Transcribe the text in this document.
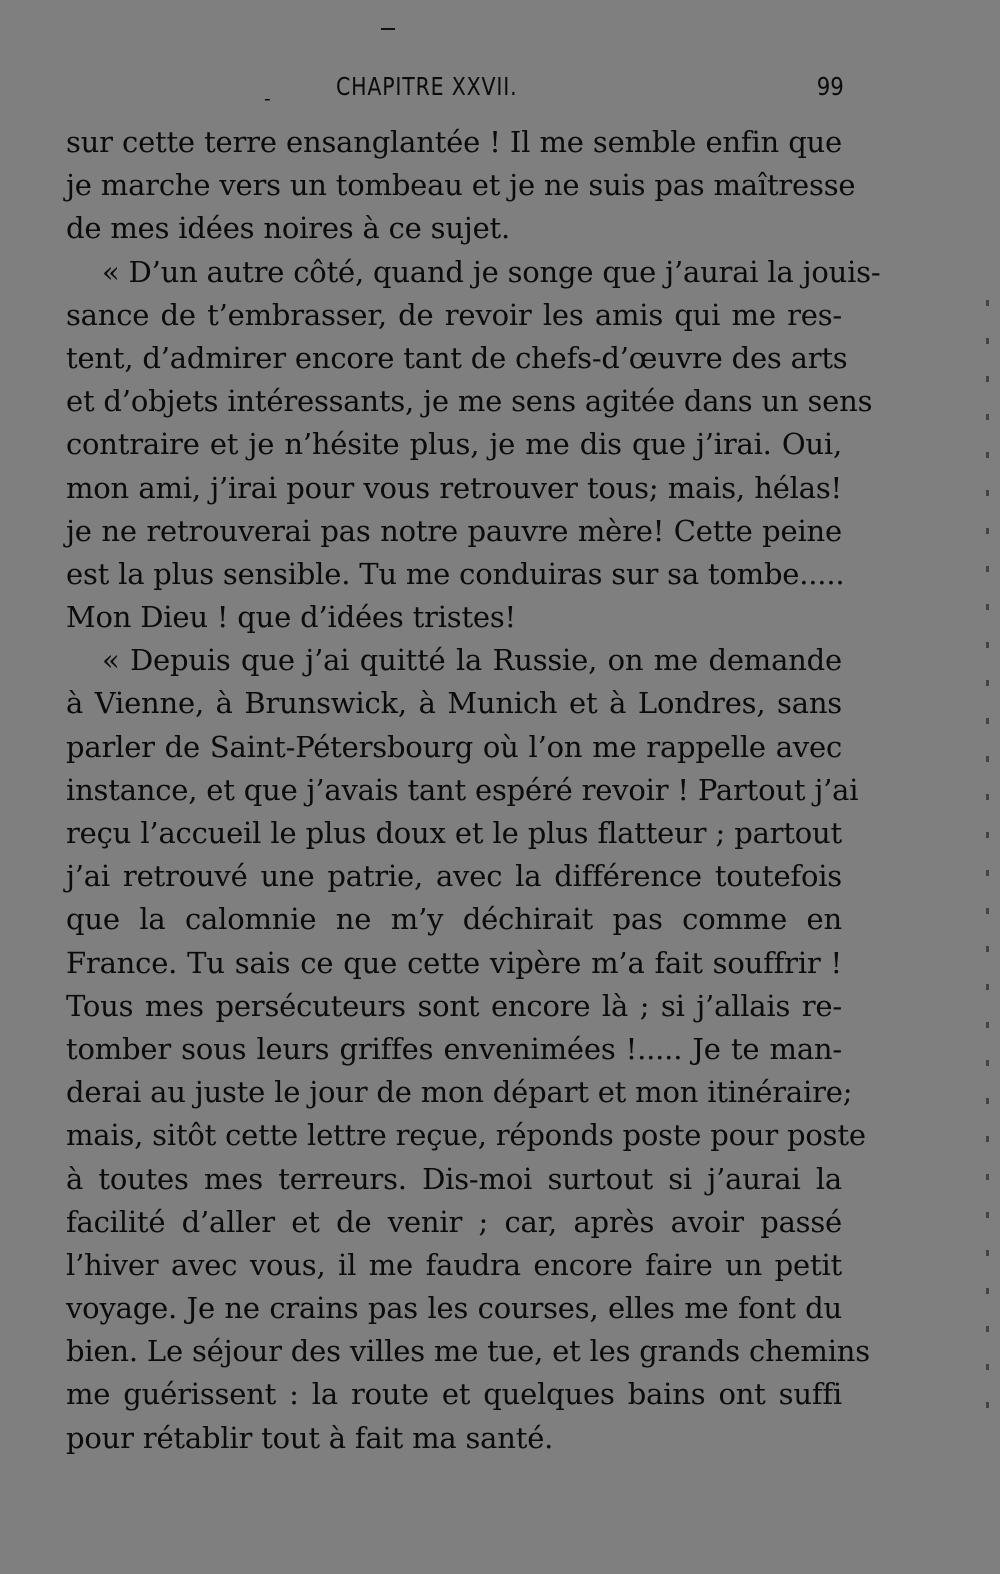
-	CHAPITRE XXVII.	99
sur cette terre ensanglantée ! Il me semble enfin que
je marche vers un tombeau et je ne suis pas maîtresse
de mes idées noires à ce sujet.
« D’un autre côté, quand je songe que j’aurai la jouis-
sance de t’embrasser, de revoir les amis qui me res-
tent, d’admirer encore tant de chefs-d’œuvre des arts
et d’objets intéressants, je me sens agitée dans un sens
contraire et je n’hésite plus, je me dis que j’irai. Oui,
mon ami, j’irai pour vous retrouver tous; mais, hélas!
je ne retrouverai pas notre pauvre mère! Cette peine
est la plus sensible. Tu me conduiras sur sa tombe.....
Mon Dieu ! que d’idées tristes!
« Depuis que j’ai quitté la Russie, on me demande
à Vienne, à Brunswick, à Munich et à Londres, sans
parler de Saint-Pétersbourg où l’on me rappelle avec
instance, et que j’avais tant espéré revoir ! Partout j’ai
reçu l’accueil le plus doux et le plus flatteur ; partout
j’ai retrouvé une patrie, avec la différence toutefois
que la calomnie ne m’y déchirait pas comme en
France. Tu sais ce que cette vipère m’a fait souffrir !
Tous mes persécuteurs sont encore là ; si j’allais re-
tomber sous leurs griffes envenimées !..... Je te man-
derai au juste le jour de mon départ et mon itinéraire;
mais, sitôt cette lettre reçue, réponds poste pour poste
à toutes mes terreurs. Dis-moi surtout si j’aurai la
facilité d’aller et de venir ; car, après avoir passé
l’hiver avec vous, il me faudra encore faire un petit
voyage. Je ne crains pas les courses, elles me font du
bien. Le séjour des villes me tue, et les grands chemins
me guérissent : la route et quelques bains ont suffi
pour rétablir tout à fait ma santé.
